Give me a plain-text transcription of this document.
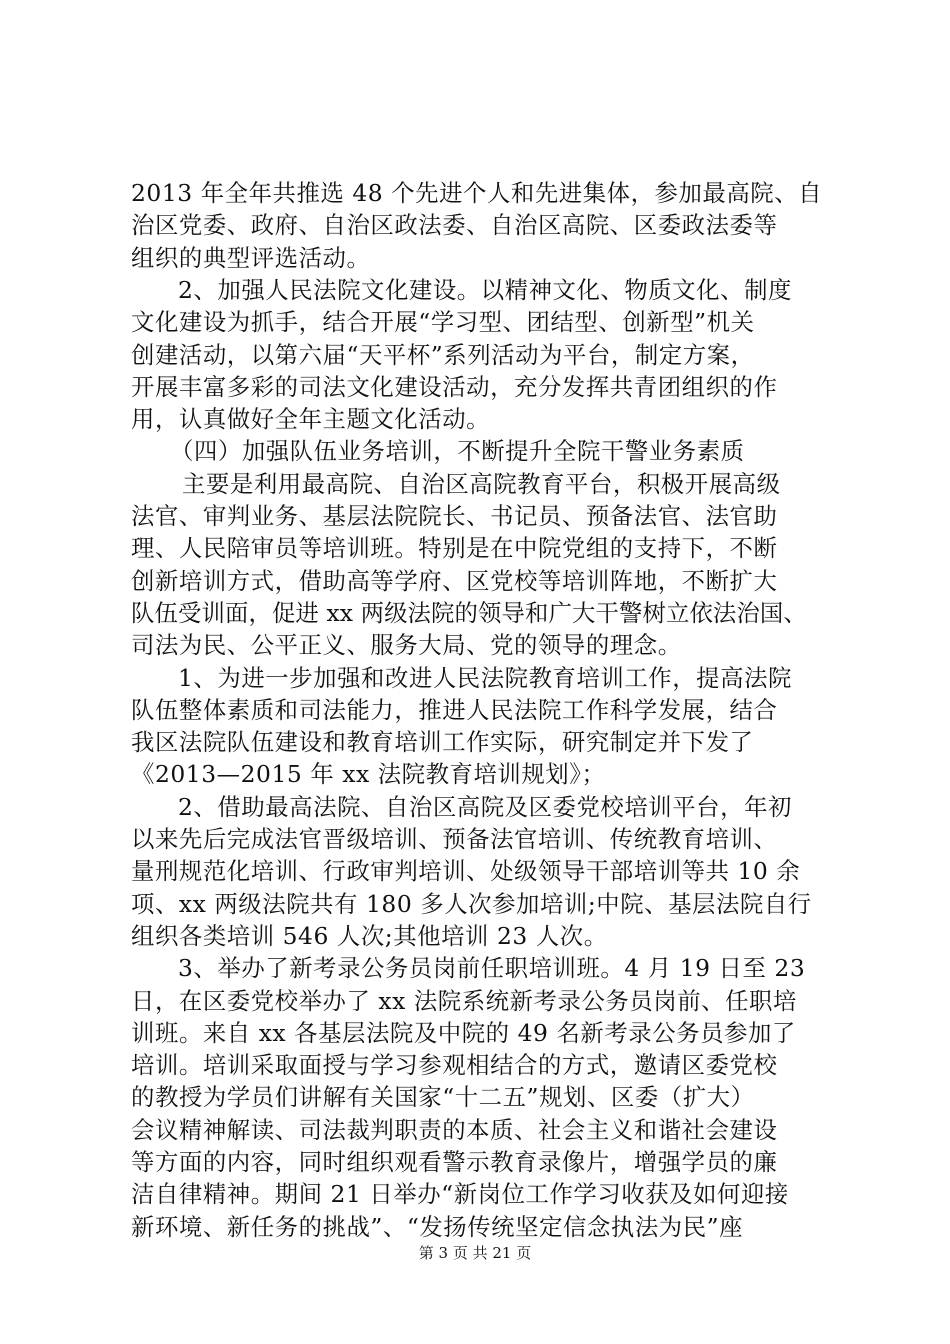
2013 年全年共推选 48 个先进个人和先进集体，参加最高院、自
治区党委、政府、自治区政法委、自治区高院、区委政法委等
组织的典型评选活动。
2、加强人民法院文化建设。以精神文化、物质文化、制度
文化建设为抓手，结合开展“学习型、团结型、创新型”机关
创建活动，以第六届“天平杯”系列活动为平台，制定方案，
开展丰富多彩的司法文化建设活动，充分发挥共青团组织的作
用，认真做好全年主题文化活动。
（四）加强队伍业务培训，不断提升全院干警业务素质
主要是利用最高院、自治区高院教育平台，积极开展高级
法官、审判业务、基层法院院长、书记员、预备法官、法官助
理、人民陪审员等培训班。特别是在中院党组的支持下，不断
创新培训方式，借助高等学府、区党校等培训阵地，不断扩大
队伍受训面，促进 xx 两级法院的领导和广大干警树立依法治国、
司法为民、公平正义、服务大局、党的领导的理念。
1、为进一步加强和改进人民法院教育培训工作，提高法院
队伍整体素质和司法能力，推进人民法院工作科学发展，结合
我区法院队伍建设和教育培训工作实际，研究制定并下发了
《2013—2015 年 xx 法院教育培训规划》；
2、借助最高法院、自治区高院及区委党校培训平台，年初
以来先后完成法官晋级培训、预备法官培训、传统教育培训、
量刑规范化培训、行政审判培训、处级领导干部培训等共 10 余
项、xx 两级法院共有 180 多人次参加培训;中院、基层法院自行
组织各类培训 546 人次;其他培训 23 人次。
3、举办了新考录公务员岗前任职培训班。4 月 19 日至 23
日，在区委党校举办了 xx 法院系统新考录公务员岗前、任职培
训班。来自 xx 各基层法院及中院的 49 名新考录公务员参加了
培训。培训采取面授与学习参观相结合的方式，邀请区委党校
的教授为学员们讲解有关国家“十二五”规划、区委（扩大）
会议精神解读、司法裁判职责的本质、社会主义和谐社会建设
等方面的内容，同时组织观看警示教育录像片，增强学员的廉
洁自律精神。期间 21 日举办“新岗位工作学习收获及如何迎接
新环境、新任务的挑战”、“发扬传统坚定信念执法为民”座
第 3 页 共 21 页
